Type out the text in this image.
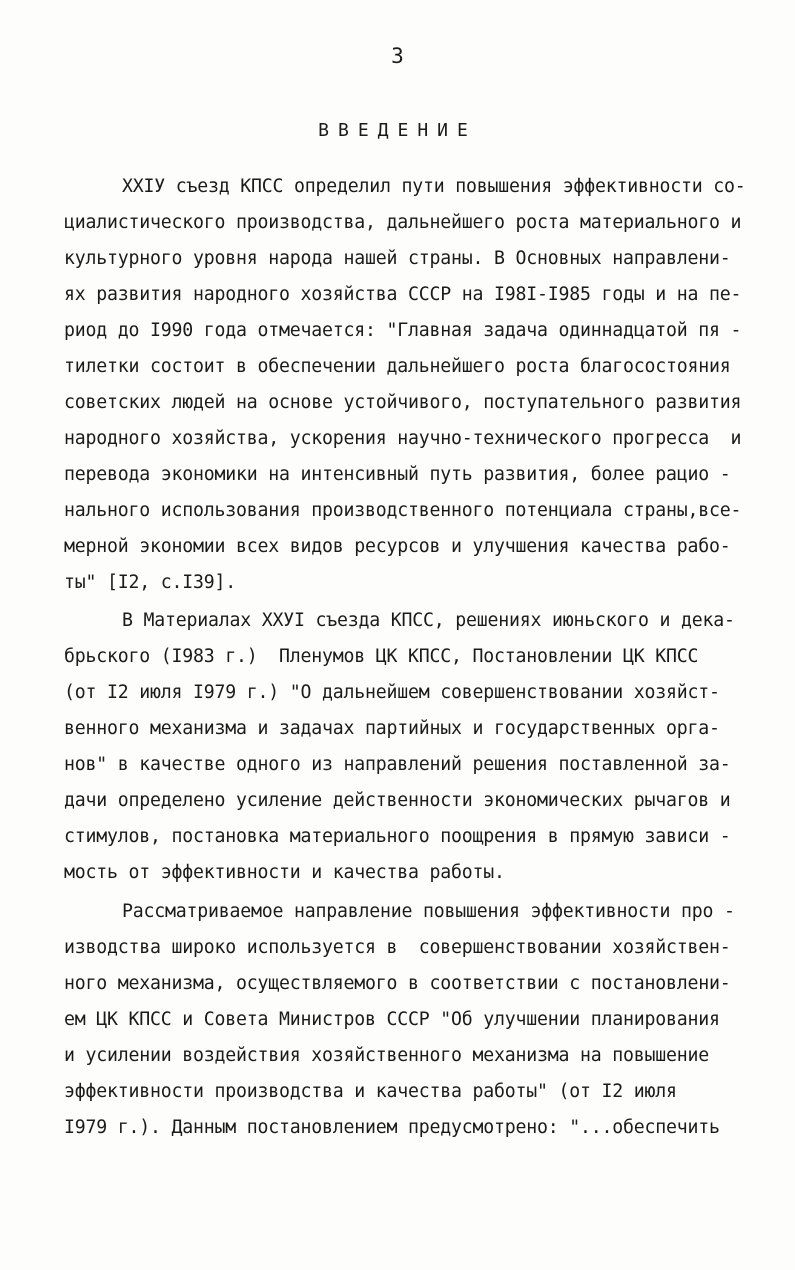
3
ВВЕДЕНИЕ
XXIУ съезд КПСС определил пути повышения эффективности со-
циалистического производства, дальнейшего роста материального и
культурного уровня народа нашей страны. В Основных направлени-
ях развития народного хозяйства СССР на I98I-I985 годы и на пе-
риод до I990 года отмечается: "Главная задача одиннадцатой пя -
тилетки состоит в обеспечении дальнейшего роста благосостояния
советских людей на основе устойчивого, поступательного развития
народного хозяйства, ускорения научно-технического прогресса  и
перевода экономики на интенсивный путь развития, более рацио -
нального использования производственного потенциала страны,все-
мерной экономии всех видов ресурсов и улучшения качества рабо-
ты" [I2, с.I39].
В Материалах XXУI съезда КПСС, решениях июньского и дека-
брьского (I983 г.)  Пленумов ЦК КПСС, Постановлении ЦК КПСС
(от I2 июля I979 г.) "О дальнейшем совершенствовании хозяйст-
венного механизма и задачах партийных и государственных орга-
нов" в качестве одного из направлений решения поставленной за-
дачи определено усиление действенности экономических рычагов и
стимулов, постановка материального поощрения в прямую зависи -
мость от эффективности и качества работы.
Рассматриваемое направление повышения эффективности про -
изводства широко используется в  совершенствовании хозяйствен-
ного механизма, осуществляемого в соответствии с постановлени-
ем ЦК КПСС и Совета Министров СССР "Об улучшении планирования
и усилении воздействия хозяйственного механизма на повышение
эффективности производства и качества работы" (от I2 июля
I979 г.). Данным постановлением предусмотрено: "...обеспечить
